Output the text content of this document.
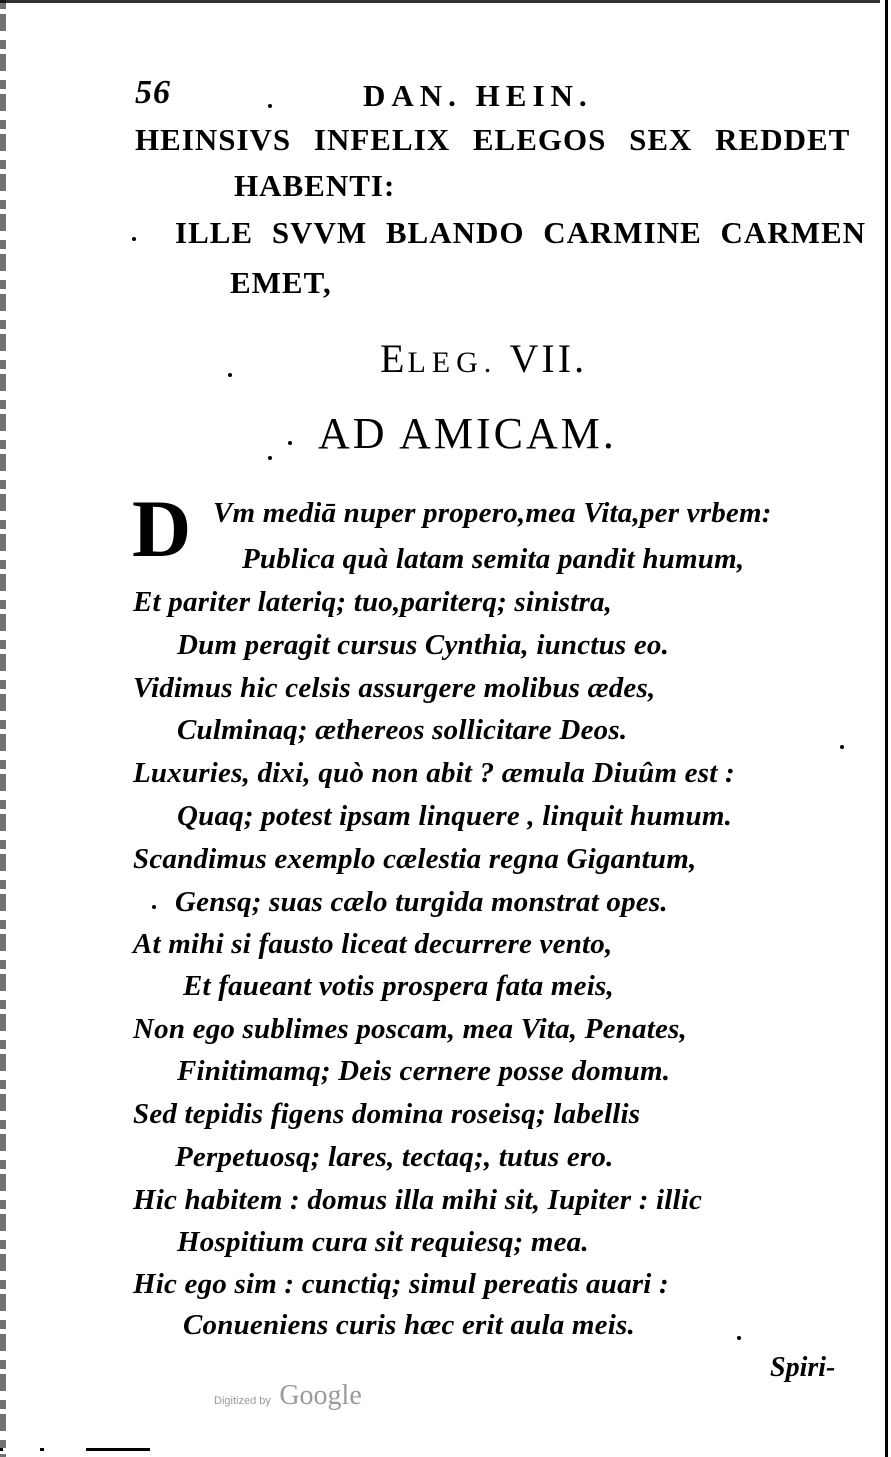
56	DAN. HEIN.
HEINSIVS INFELIX ELEGOS SEX REDDET
HABENTI:
ILLE SVVM BLANDO CARMINE CARMEN
EMET,
ELEG. VII.
AD AMICAM.
D Vm mediā nuper propero,mea Vita,per vrbem:
Publica quà latam semita pandit humum,
Et pariter lateriq; tuo,pariterq; sinistra,
Dum peragit cursus Cynthia, iunctus eo.
Vidimus hic celsis assurgere molibus ædes,
Culminaq; æthereos sollicitare Deos.
Luxuries, dixi, quò non abit ? æmula Diuûm est :
Quaq; potest ipsam linquere , linquit humum.
Scandimus exemplo cælestia regna Gigantum,
Gensq; suas cælo turgida monstrat opes.
At mihi si fausto liceat decurrere vento,
Et faueant votis prospera fata meis,
Non ego sublimes poscam, mea Vita, Penates,
Finitimamq; Deis cernere posse domum.
Sed tepidis figens domina roseisq; labellis
Perpetuosq; lares, tectaq;, tutus ero.
Hic habitem : domus illa mihi sit, Iupiter : illic
Hospitium cura sit requiesq; mea.
Hic ego sim : cunctiq; simul pereatis auari :
Conueniens curis hæc erit aula meis.
Spiri-
Digitized by Google
